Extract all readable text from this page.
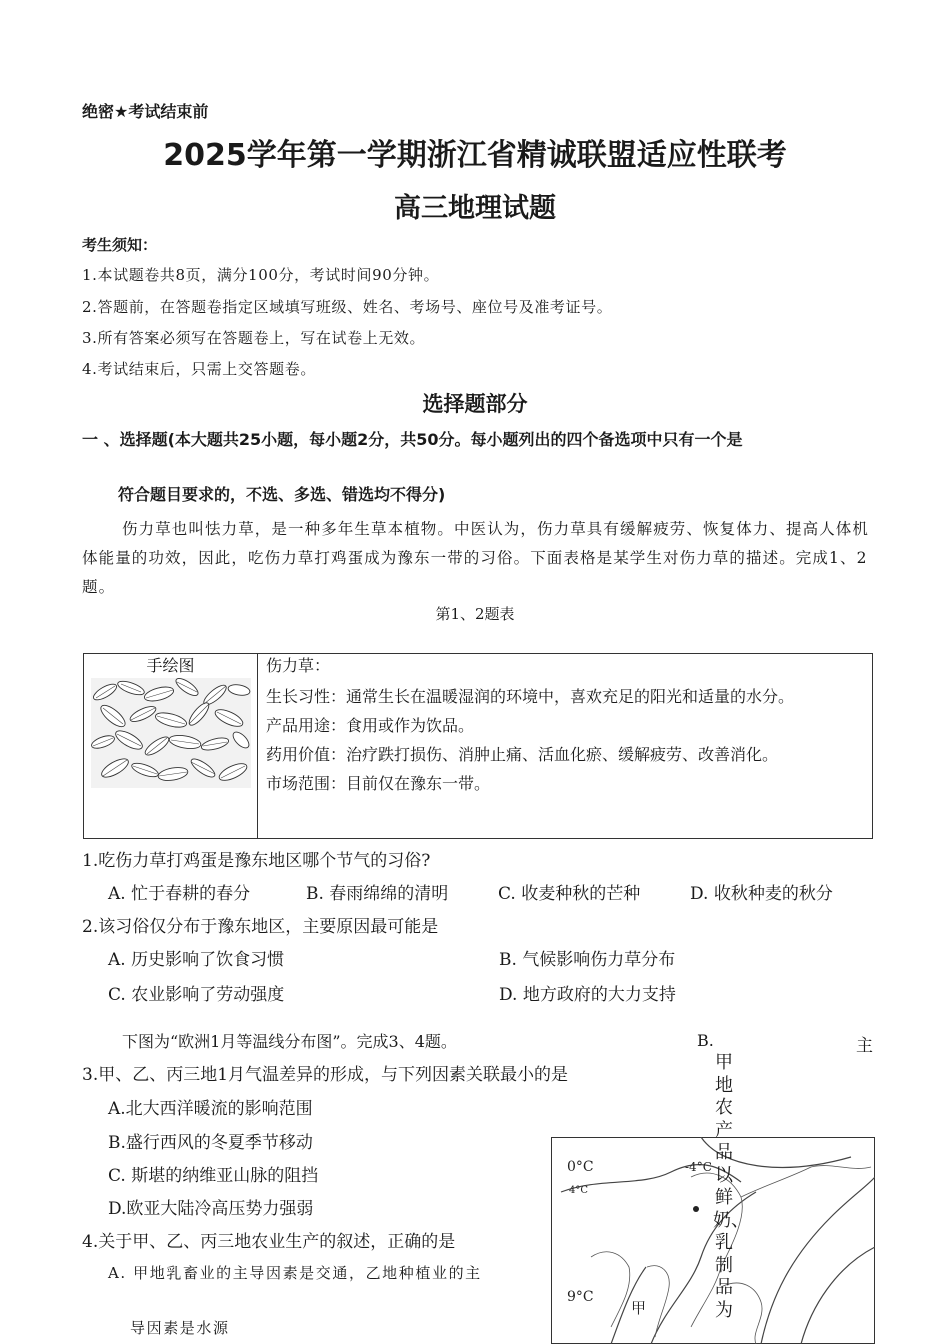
绝密★考试结束前
2025学年第一学期浙江省精诚联盟适应性联考
高三地理试题
考生须知：
1.本试题卷共8页，满分100分，考试时间90分钟。
2.答题前，在答题卷指定区域填写班级、姓名、考场号、座位号及准考证号。
3.所有答案必须写在答题卷上，写在试卷上无效。
4.考试结束后，只需上交答题卷。
选择题部分
一 、选择题(本大题共25小题，每小题2分，共50分。每小题列出的四个备选项中只有一个是
符合题目要求的，不选、多选、错选均不得分)
伤力草也叫怯力草，是一种多年生草本植物。中医认为，伤力草具有缓解疲劳、恢复体力、提高人体机体能量的功效，因此，吃伤力草打鸡蛋成为豫东一带的习俗。下面表格是某学生对伤力草的描述。完成1、2题。
第1、2题表
手绘图	伤力草：
生长习性：通常生长在温暖湿润的环境中，喜欢充足的阳光和适量的水分。
产品用途：食用或作为饮品。
药用价值：治疗跌打损伤、消肿止痛、活血化瘀、缓解疲劳、改善消化。
市场范围：目前仅在豫东一带。
1.吃伤力草打鸡蛋是豫东地区哪个节气的习俗?
A. 忙于春耕的春分	B. 春雨绵绵的清明	C. 收麦种秋的芒种	D. 收秋种麦的秋分
2.该习俗仅分布于豫东地区，主要原因最可能是
A. 历史影响了饮食习惯	B. 气候影响伤力草分布
C. 农业影响了劳动强度	D. 地方政府的大力支持
下图为“欧洲1月等温线分布图”。完成3、4题。	B.	主
3.甲、乙、丙三地1月气温差异的形成，与下列因素关联最小的是
A.北大西洋暖流的影响范围
B.盛行西风的冬夏季节移动
C. 斯堪的纳维亚山脉的阻挡
D.欧亚大陆冷高压势力强弱
4.关于甲、乙、丙三地农业生产的叙述，正确的是
A. 甲地乳畜业的主导因素是交通，乙地种植业的主
导因素是水源
0°C
4°C
-4°C
9°C
甲
甲地农产品以鲜奶、乳制品为
